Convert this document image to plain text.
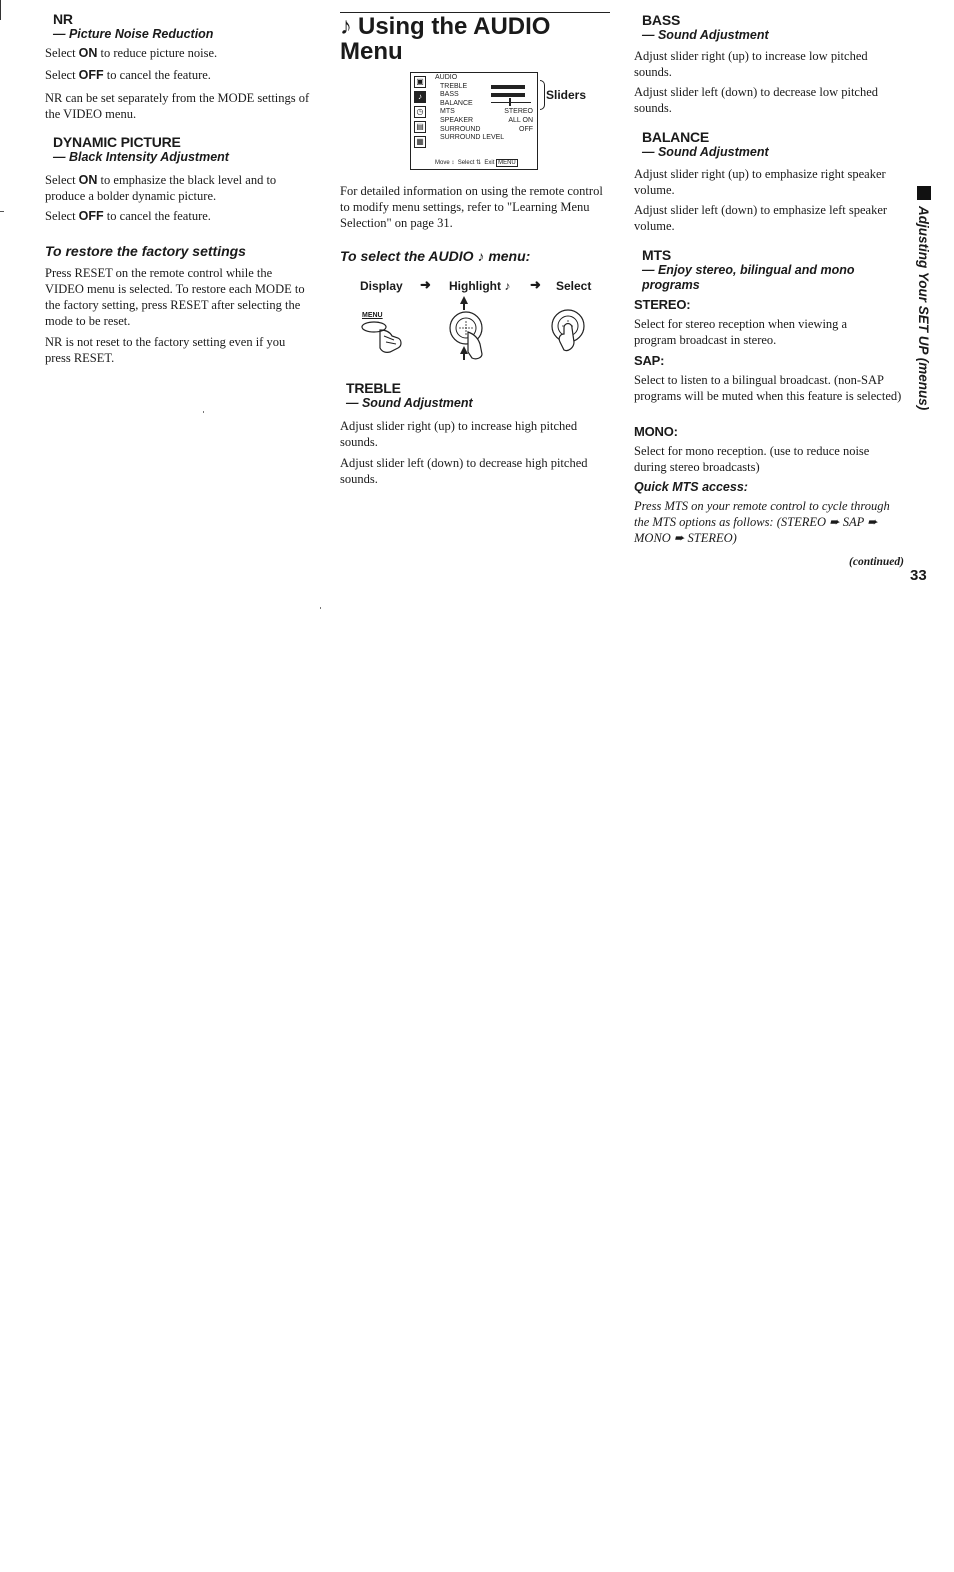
NR
— Picture Noise Reduction

Select ON to reduce picture noise.

Select OFF to cancel the feature.

NR can be set separately from the MODE settings of the VIDEO menu.

DYNAMIC PICTURE
— Black Intensity Adjustment

Select ON to emphasize the black level and to produce a bolder dynamic picture.

Select OFF to cancel the feature.

To restore the factory settings

Press RESET on the remote control while the VIDEO menu is selected. To restore each MODE to the factory setting, press RESET after selecting the mode to be reset.

NR is not reset to the factory setting even if you press RESET.

♪ Using the AUDIO Menu
▣
♪
◷
▤
▦
AUDIO
TREBLE
BASS
BALANCE
MTS	STEREO
SPEAKER	ALL ON
SURROUND	OFF
SURROUND LEVEL
Move ↕ Select ⇅ Exit MENU
Sliders

For detailed information on using the remote control to modify menu settings, refer to "Learning Menu Selection" on page 31.

To select the AUDIO ♪ menu:
Display ➜ Highlight ♪ ➜ Select
MENU
TREBLE
— Sound Adjustment

Adjust slider right (up) to increase high pitched sounds.

Adjust slider left (down) to decrease high pitched sounds.

BASS
— Sound Adjustment

Adjust slider right (up) to increase low pitched sounds.

Adjust slider left (down) to decrease low pitched sounds.

BALANCE
— Sound Adjustment

Adjust slider right (up) to emphasize right speaker volume.

Adjust slider left (down) to emphasize left speaker volume.

MTS
— Enjoy stereo, bilingual and mono programs
STEREO:

Select for stereo reception when viewing a program broadcast in stereo.

SAP:

Select to listen to a bilingual broadcast. (non-SAP programs will be muted when this feature is selected)

MONO:

Select for mono reception. (use to reduce noise during stereo broadcasts)

Quick MTS access:

Press MTS on your remote control to cycle through the MTS options as follows: (STEREO ➨ SAP ➨ MONO ➨ STEREO)

(continued)
33
Adjusting Your SET UP (menus)
